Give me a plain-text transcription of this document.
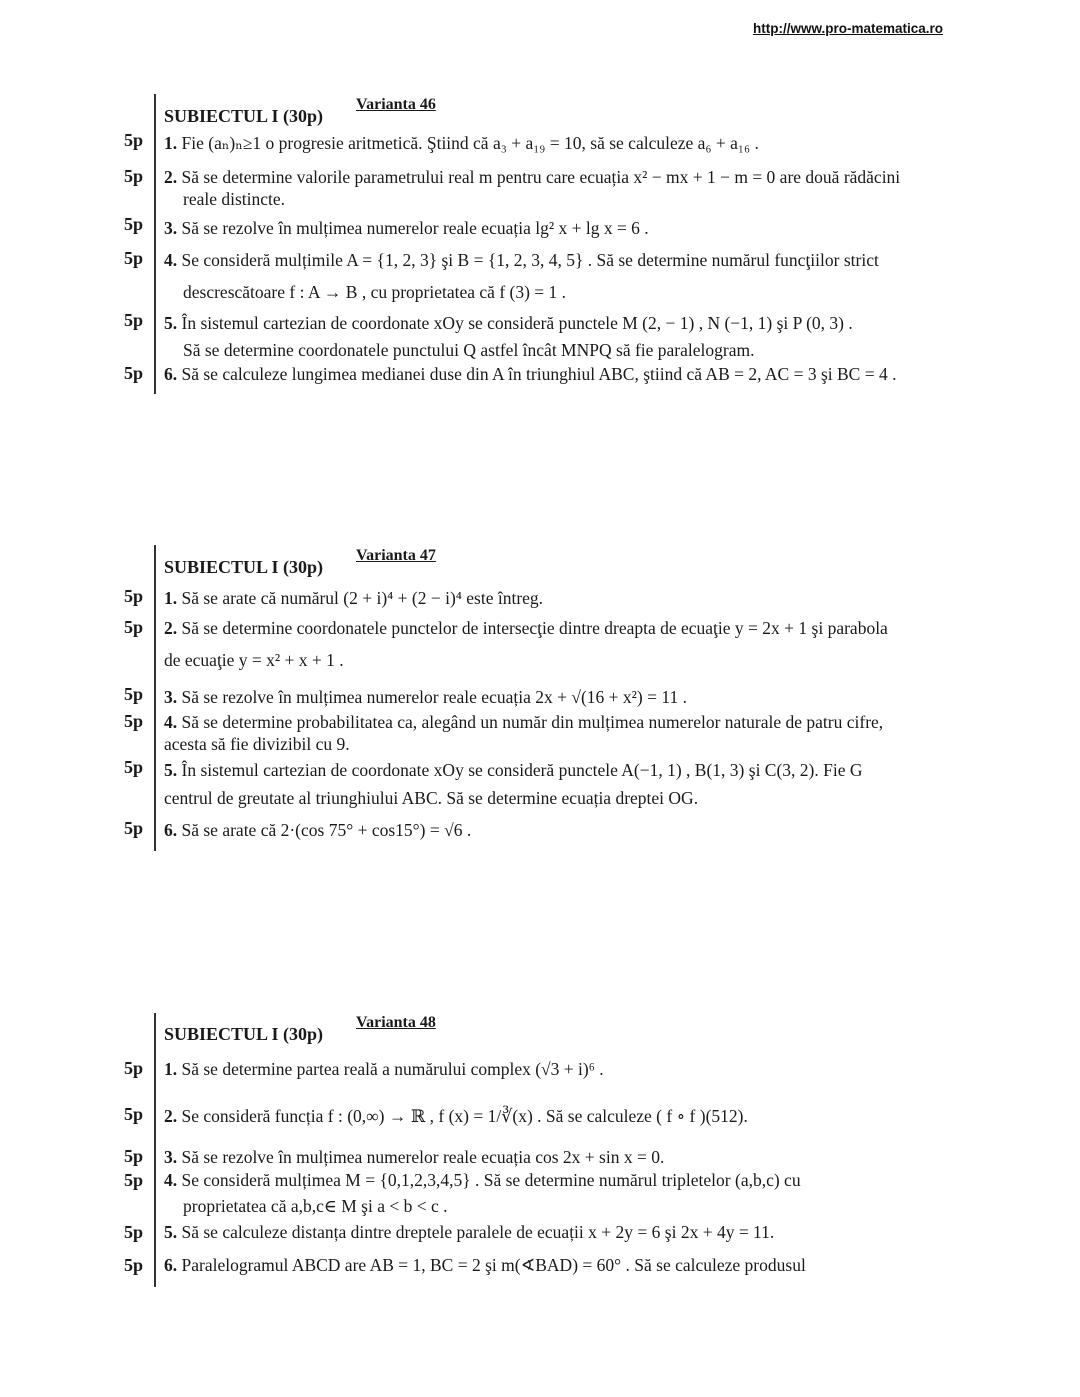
http://www.pro-matematica.ro
SUBIECTUL I (30p)
Varianta 46
5p 1. Fie (aₙ)ₙ≥1 o progresie aritmetică. Ştiind că a₃ + a₁₉ = 10, să se calculeze a₆ + a₁₆ .
5p 2. Să se determine valorile parametrului real m pentru care ecuația x² − mx + 1 − m = 0 are două rădăcini
reale distincte.
5p 3. Să se rezolve în mulțimea numerelor reale ecuația lg² x + lg x = 6 .
5p 4. Se consideră mulțimile A = {1, 2, 3} şi B = {1, 2, 3, 4, 5} . Să se determine numărul funcţiilor strict
descrescătoare f : A → B , cu proprietatea că f (3) = 1 .
5p 5. În sistemul cartezian de coordonate xOy se consideră punctele M (2, − 1) , N (−1, 1) şi P (0, 3) .
Să se determine coordonatele punctului Q astfel încât MNPQ să fie paralelogram.
5p 6. Să se calculeze lungimea medianei duse din A în triunghiul ABC, ştiind că AB = 2, AC = 3 şi BC = 4 .
SUBIECTUL I (30p)
Varianta 47
5p 1. Să se arate că numărul (2 + i)⁴ + (2 − i)⁴ este întreg.
5p 2. Să se determine coordonatele punctelor de intersecţie dintre dreapta de ecuaţie y = 2x + 1 şi parabola
de ecuaţie y = x² + x + 1 .
5p 3. Să se rezolve în mulțimea numerelor reale ecuația 2x + √(16 + x²) = 11 .
5p 4. Să se determine probabilitatea ca, alegând un număr din mulțimea numerelor naturale de patru cifre,
acesta să fie divizibil cu 9.
5p 5. În sistemul cartezian de coordonate xOy se consideră punctele A(−1, 1) , B(1, 3) şi C(3, 2). Fie G
centrul de greutate al triunghiului ABC. Să se determine ecuația dreptei OG.
5p 6. Să se arate că 2·(cos 75° + cos15°) = √6 .
SUBIECTUL I (30p)
Varianta 48
5p 1. Să se determine partea reală a numărului complex (√3 + i)⁶ .
5p 2. Se consideră funcția f : (0,∞) → ℝ , f (x) = 1/∛(x) . Să se calculeze ( f ∘ f )(512).
5p 3. Să se rezolve în mulțimea numerelor reale ecuația cos 2x + sin x = 0.
5p 4. Se consideră mulțimea M = {0,1,2,3,4,5} . Să se determine numărul tripletelor (a,b,c) cu
proprietatea că a,b,c∈ M şi a < b < c .
5p 5. Să se calculeze distanța dintre dreptele paralele de ecuații x + 2y = 6 şi 2x + 4y = 11.
5p 6. Paralelogramul ABCD are AB = 1, BC = 2 şi m(∢BAD) = 60° . Să se calculeze produsul
